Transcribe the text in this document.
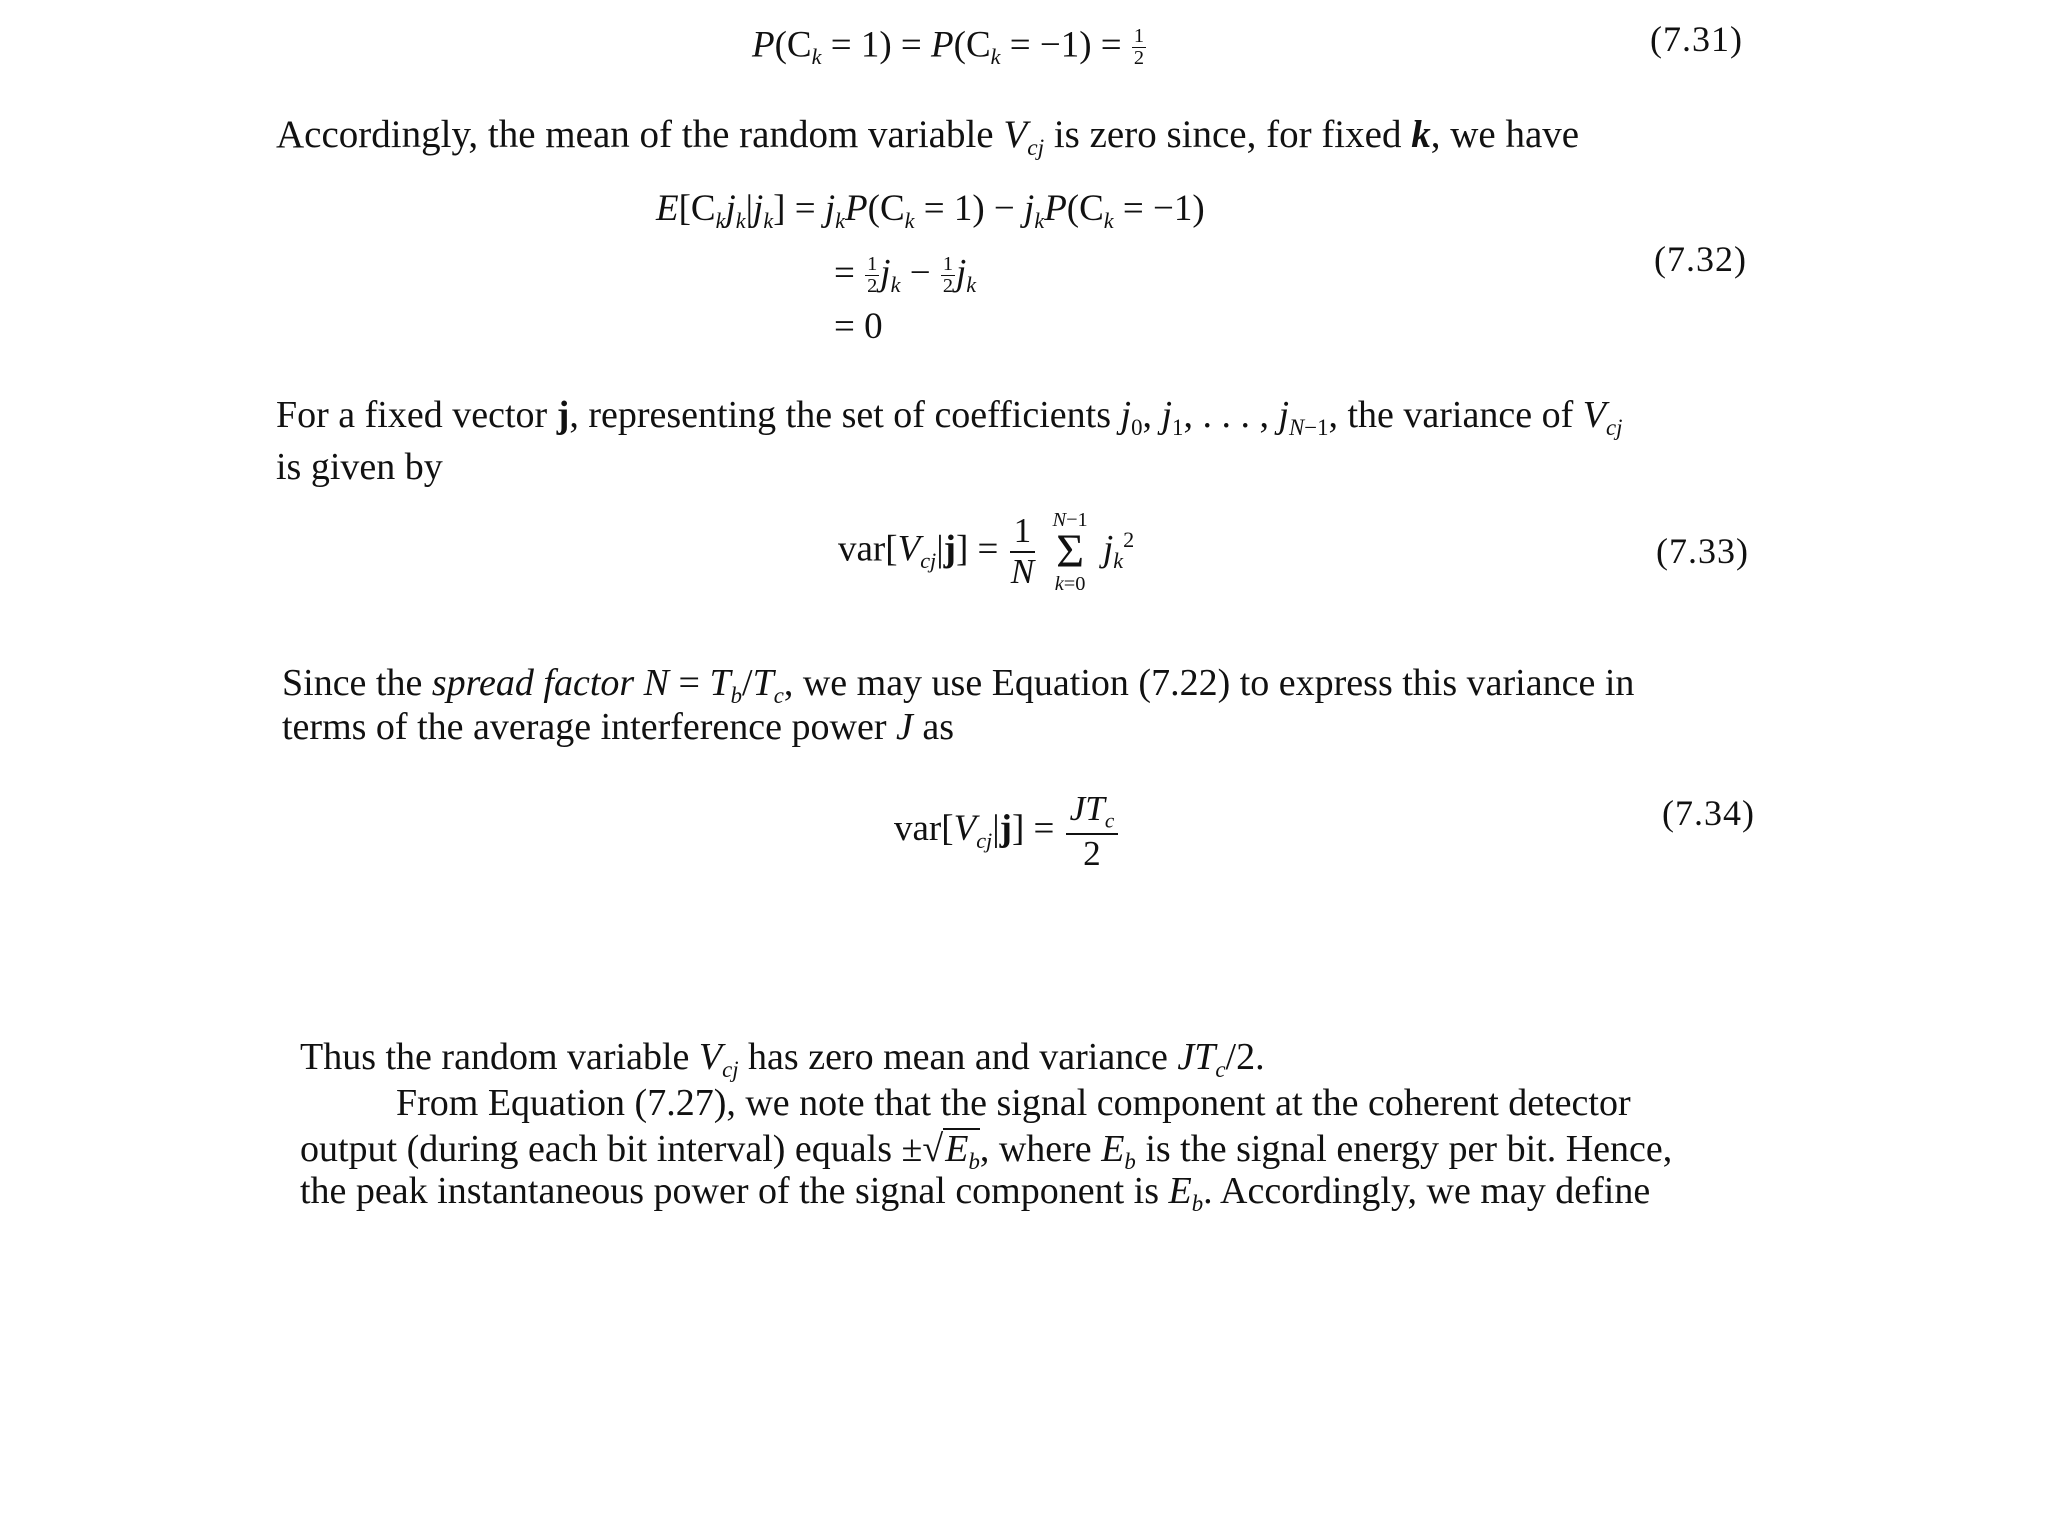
$P(C_k = 1) = P(C_k = -1) = \frac{1}{2}$	(7.31)
Accordingly, the mean of the random variable $V_{cj}$ is zero since, for fixed k, we have
$E[C_kj_k|j_k] = j_kP(C_k = 1) - j_kP(C_k = -1)$
= $\frac{1}{2} j_k - \frac{1}{2} j_k$
= 0
(7.32)
For a fixed vector j, representing the set of coefficients $j_0$, $j_1$, . . . , $j_{N-1}$, the variance of $V_{cj}$
is given by
$var[V_{cj}|j] = \frac{1}{N}$
N−1
Σ
k=0
$j_k^2$	(7.33)
Since the spread factor $N = T_b/T_c$, we may use Equation (7.22) to express this variance in
terms of the average interference power J as
$var[V_{cj}|j] = \frac{JT_c}{2}$	(7.34)
Thus the random variable $V_{cj}$ has zero mean and variance $JT_c/2$.
From Equation (7.27), we note that the signal component at the coherent detector
output (during each bit interval) equals $\pm√E_b$, where $E_b$ is the signal energy per bit. Hence,
the peak instantaneous power of the signal component is $E_b$. Accordingly, we may define
